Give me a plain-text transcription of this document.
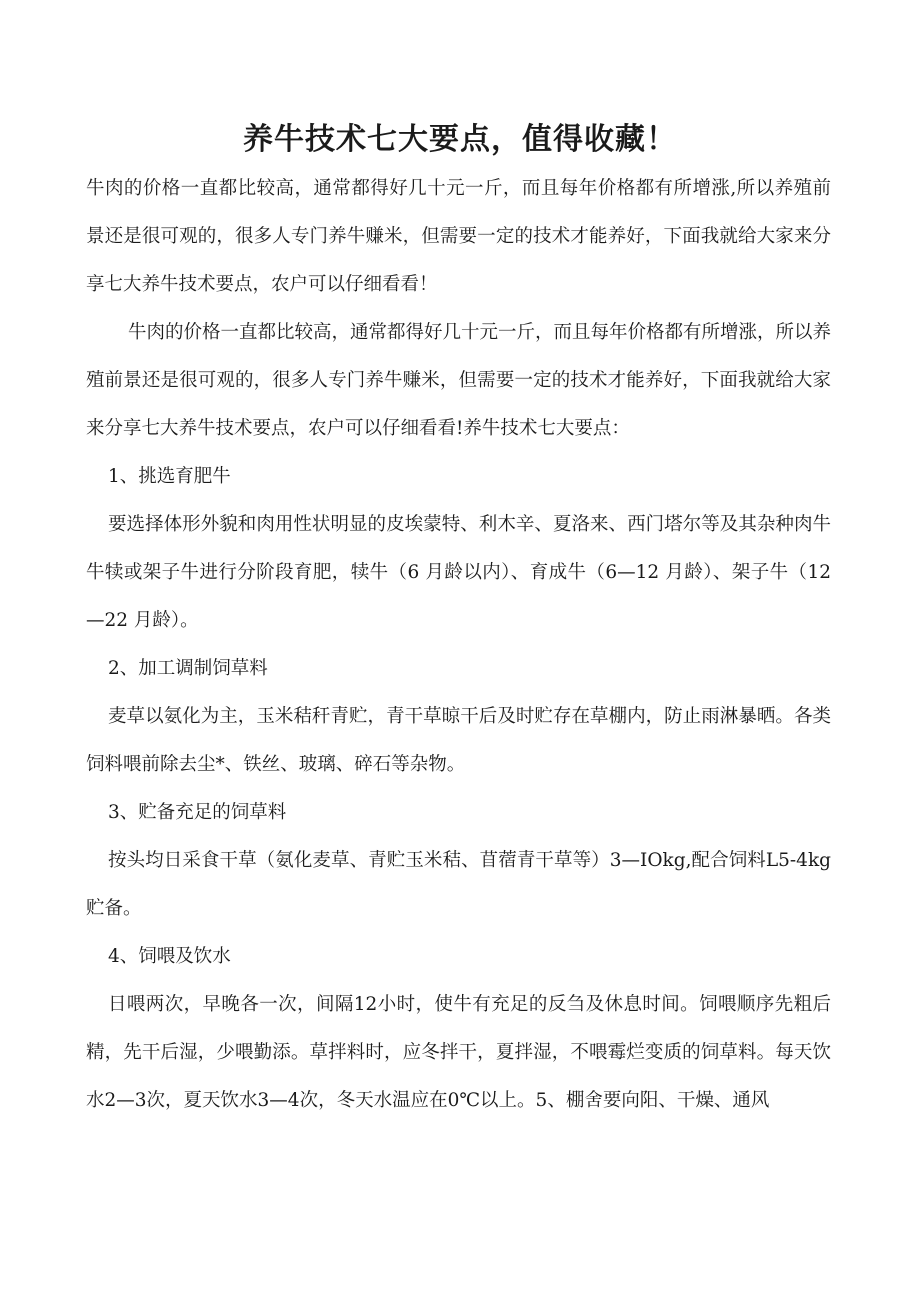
养牛技术七大要点，值得收藏！

牛肉的价格一直都比较高，通常都得好几十元一斤，而且每年价格都有所增涨,所以养殖前景还是很可观的，很多人专门养牛赚米，但需要一定的技术才能养好，下面我就给大家来分享七大养牛技术要点，农户可以仔细看看！

牛肉的价格一直都比较高，通常都得好几十元一斤，而且每年价格都有所增涨，所以养殖前景还是很可观的，很多人专门养牛赚米，但需要一定的技术才能养好，下面我就给大家来分享七大养牛技术要点，农户可以仔细看看!养牛技术七大要点：

1、挑选育肥牛

要选择体形外貌和肉用性状明显的皮埃蒙特、利木辛、夏洛来、西门塔尔等及其杂种肉牛牛犊或架子牛进行分阶段育肥，犊牛（6 月龄以内）、育成牛（6—12 月龄）、架子牛（12—22 月龄）。

2、加工调制饲草料

麦草以氨化为主，玉米秸秆青贮，青干草晾干后及时贮存在草棚内，防止雨淋暴晒。各类饲料喂前除去尘*、铁丝、玻璃、碎石等杂物。

3、贮备充足的饲草料

按头均日采食干草（氨化麦草、青贮玉米秸、苜蓿青干草等）3—IOkg,配合饲料L5-4kg贮备。

4、饲喂及饮水

日喂两次，早晚各一次，间隔12小时，使牛有充足的反刍及休息时间。饲喂顺序先粗后精，先干后湿，少喂勤添。草拌料时，应冬拌干，夏拌湿，不喂霉烂变质的饲草料。每天饮水2—3次，夏天饮水3—4次，冬天水温应在0℃以上。5、棚舍要向阳、干燥、通风
